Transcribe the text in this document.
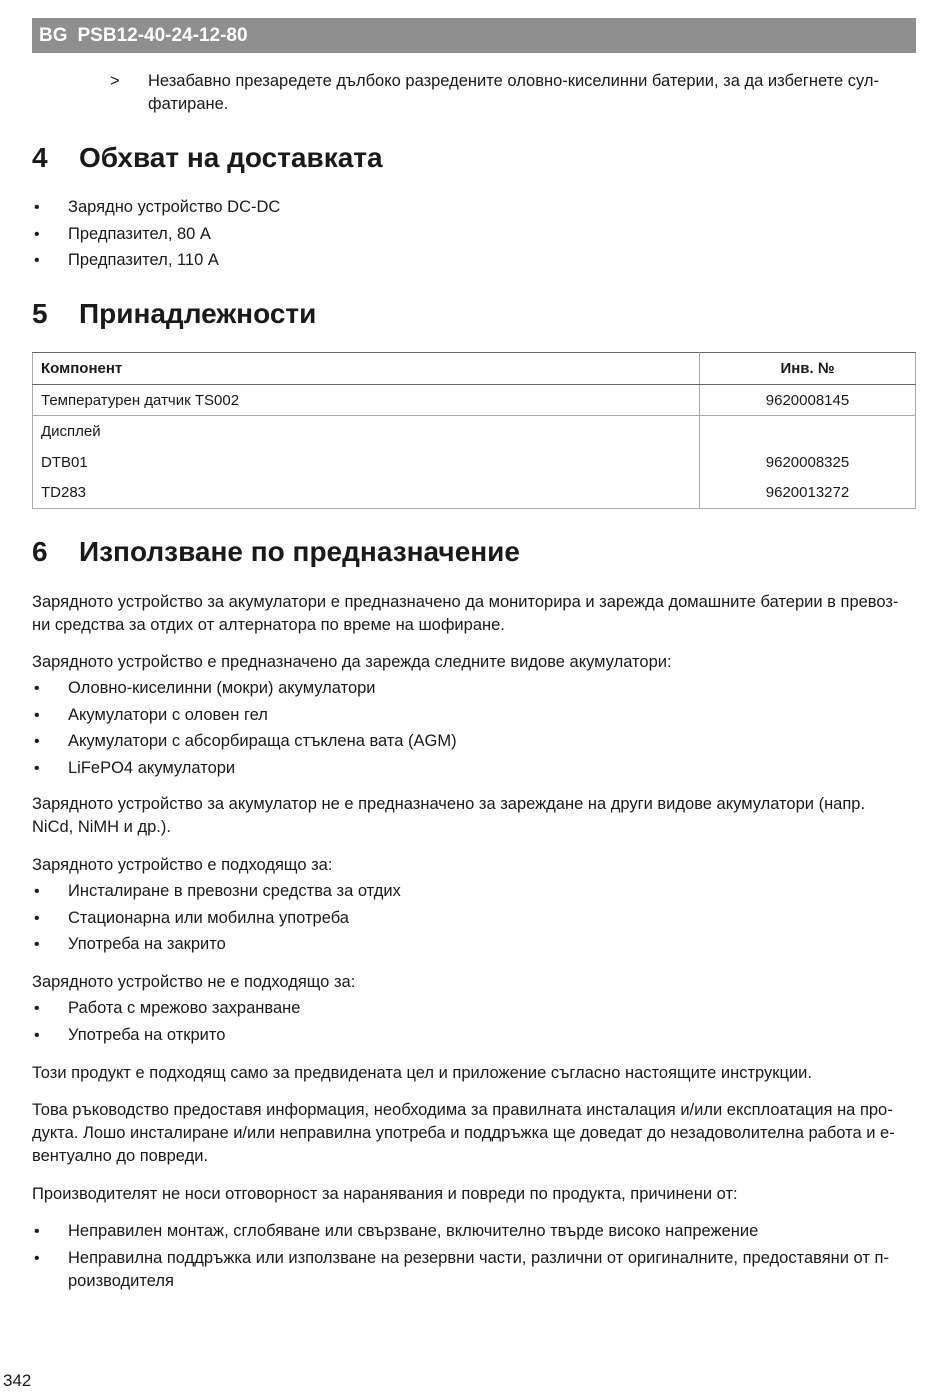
BG PSB12-40-24-12-80
> Незабавно презаредете дълбоко разредените оловно-киселинни батерии, за да избегнете сул-фатиране.
4	Обхват на доставката
• Зарядно устройство DC-DC
• Предпазител, 80 A
• Предпазител, 110 A
5	Принадлежности
Компонент	Инв. №
Температурен датчик TS002	9620008145
Дисплей	
DTB01	9620008325
TD283	9620013272
6	Използване по предназначение

Зарядното устройство за акумулатори е предназначено да мониторира и зарежда домашните батерии в превоз-ни средства за отдих от алтернатора по време на шофиране.

Зарядното устройство е предназначено да зарежда следните видове акумулатори:

• Оловно-киселинни (мокри) акумулатори
• Акумулатори с оловен гел
• Акумулатори с абсорбираща стъклена вата (AGM)
• LiFePO4 акумулатори

Зарядното устройство за акумулатор не е предназначено за зареждане на други видове акумулатори (напр. NiCd, NiMH и др.).

Зарядното устройство е подходящо за:

• Инсталиране в превозни средства за отдих
• Стационарна или мобилна употреба
• Употреба на закрито

Зарядното устройство не е подходящо за:

• Работа с мрежово захранване
• Употреба на открито

Този продукт е подходящ само за предвидената цел и приложение съгласно настоящите инструкции.

Това ръководство предоставя информация, необходима за правилната инсталация и/или експлоатация на про-дукта. Лошо инсталиране и/или неправилна употреба и поддръжка ще доведат до незадоволителна работа и е-вентуално до повреди.

Производителят не носи отговорност за наранявания и повреди по продукта, причинени от:

• Неправилен монтаж, сглобяване или свързване, включително твърде високо напрежение
• Неправилна поддръжка или използване на резервни части, различни от оригиналните, предоставяни от п-роизводителя
342
